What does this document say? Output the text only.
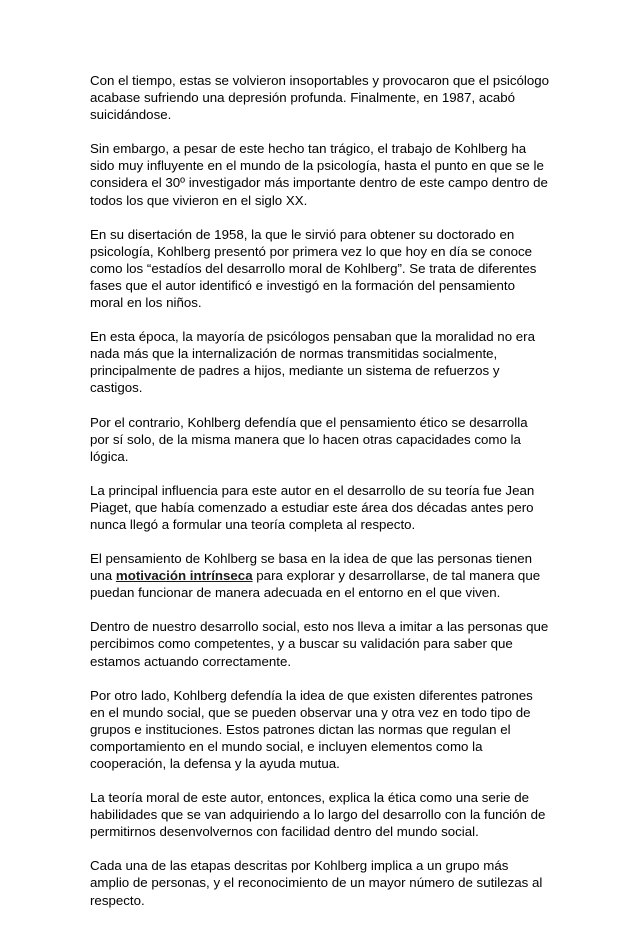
Con el tiempo, estas se volvieron insoportables y provocaron que el psicólogo acabase sufriendo una depresión profunda. Finalmente, en 1987, acabó suicidándose.

Sin embargo, a pesar de este hecho tan trágico, el trabajo de Kohlberg ha sido muy influyente en el mundo de la psicología, hasta el punto en que se le considera el 30º investigador más importante dentro de este campo dentro de todos los que vivieron en el siglo XX.

En su disertación de 1958, la que le sirvió para obtener su doctorado en psicología, Kohlberg presentó por primera vez lo que hoy en día se conoce como los “estadíos del desarrollo moral de Kohlberg”. Se trata de diferentes fases que el autor identificó e investigó en la formación del pensamiento moral en los niños.

En esta época, la mayoría de psicólogos pensaban que la moralidad no era nada más que la internalización de normas transmitidas socialmente, principalmente de padres a hijos, mediante un sistema de refuerzos y castigos.

Por el contrario, Kohlberg defendía que el pensamiento ético se desarrolla por sí solo, de la misma manera que lo hacen otras capacidades como la lógica.

La principal influencia para este autor en el desarrollo de su teoría fue Jean Piaget, que había comenzado a estudiar este área dos décadas antes pero nunca llegó a formular una teoría completa al respecto.

El pensamiento de Kohlberg se basa en la idea de que las personas tienen una motivación intrínseca para explorar y desarrollarse, de tal manera que puedan funcionar de manera adecuada en el entorno en el que viven.

Dentro de nuestro desarrollo social, esto nos lleva a imitar a las personas que percibimos como competentes, y a buscar su validación para saber que estamos actuando correctamente.

Por otro lado, Kohlberg defendía la idea de que existen diferentes patrones en el mundo social, que se pueden observar una y otra vez en todo tipo de grupos e instituciones. Estos patrones dictan las normas que regulan el comportamiento en el mundo social, e incluyen elementos como la cooperación, la defensa y la ayuda mutua.

La teoría moral de este autor, entonces, explica la ética como una serie de habilidades que se van adquiriendo a lo largo del desarrollo con la función de permitirnos desenvolvernos con facilidad dentro del mundo social.

Cada una de las etapas descritas por Kohlberg implica a un grupo más amplio de personas, y el reconocimiento de un mayor número de sutilezas al respecto.
